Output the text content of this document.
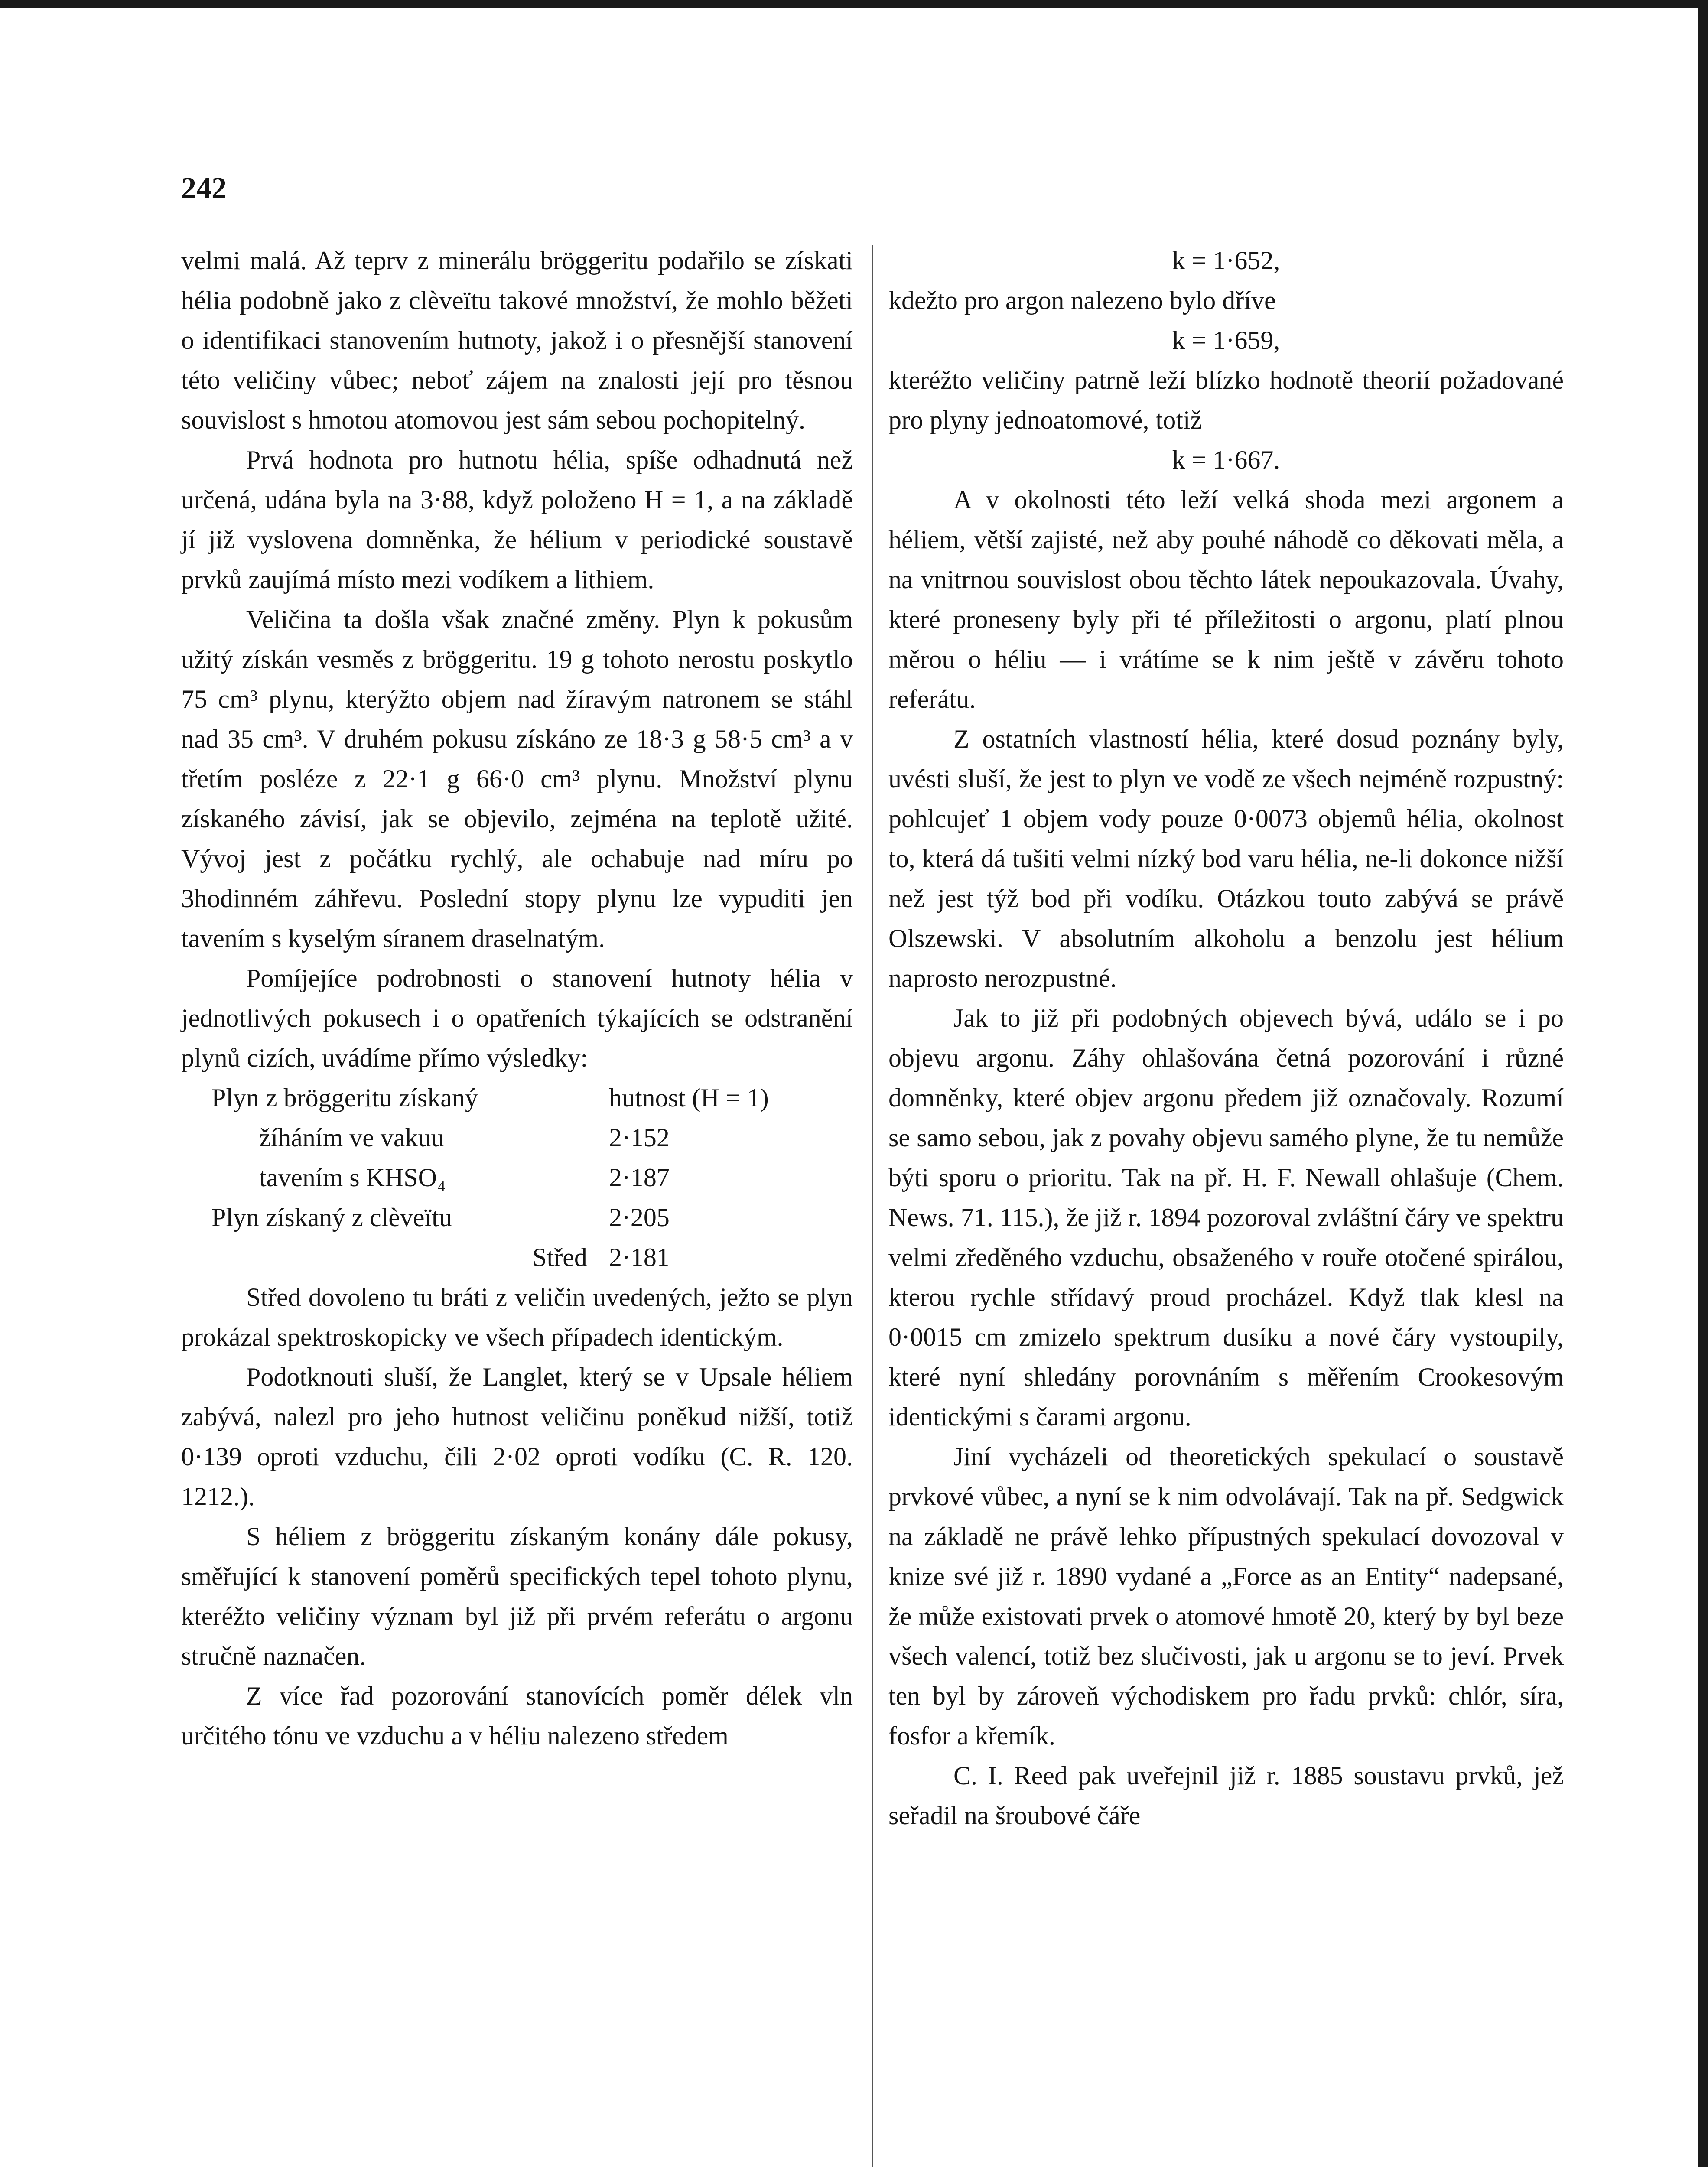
242

velmi malá. Až teprv z minerálu bröggeritu podařilo se získati hélia podobně jako z clèveïtu takové množství, že mohlo běžeti o identifikaci stanovením hutnoty, jakož i o přesnější stanovení této veličiny vůbec; neboť zájem na znalosti její pro těsnou souvislost s hmotou atomovou jest sám sebou pochopitelný.

Prvá hodnota pro hutnotu hélia, spíše odhadnutá než určená, udána byla na 3·88, když položeno H = 1, a na základě jí již vyslovena domněnka, že hélium v periodické soustavě prvků zaujímá místo mezi vodíkem a lithiem.

Veličina ta došla však značné změny. Plyn k pokusům užitý získán vesměs z bröggeritu. 19 g tohoto nerostu poskytlo 75 cm³ plynu, kterýžto objem nad žíravým natronem se stáhl nad 35 cm³. V druhém pokusu získáno ze 18·3 g 58·5 cm³ a v třetím posléze z 22·1 g 66·0 cm³ plynu. Množství plynu získaného závisí, jak se objevilo, zejména na teplotě užité. Vývoj jest z počátku rychlý, ale ochabuje nad míru po 3hodinném záhřevu. Poslední stopy plynu lze vypuditi jen tavením s kyselým síranem draselnatým.

Pomíjejíce podrobnosti o stanovení hutnoty hélia v jednotlivých pokusech i o opatřeních týkajících se odstranění plynů cizích, uvádíme přímo výsledky:

Plyn z bröggeritu získaný	hutnost (H = 1)
žíháním ve vakuu	2·152
tavením s KHSO₄	2·187
Plyn získaný z clèveïtu	2·205
Střed	2·181

Střed dovoleno tu bráti z veličin uvedených, ježto se plyn prokázal spektroskopicky ve všech případech identickým.

Podotknouti sluší, že Langlet, který se v Upsale héliem zabývá, nalezl pro jeho hutnost veličinu poněkud nižší, totiž 0·139 oproti vzduchu, čili 2·02 oproti vodíku (C. R. 120. 1212.).

S héliem z bröggeritu získaným konány dále pokusy, směřující k stanovení poměrů specifických tepel tohoto plynu, kteréžto veličiny význam byl již při prvém referátu o argonu stručně naznačen.

Z více řad pozorování stanovících poměr délek vln určitého tónu ve vzduchu a v héliu nalezeno středem

k = 1·652,

kdežto pro argon nalezeno bylo dříve

k = 1·659,

kteréžto veličiny patrně leží blízko hodnotě theorií požadované pro plyny jednoatomové, totiž

k = 1·667.

A v okolnosti této leží velká shoda mezi argonem a héliem, větší zajisté, než aby pouhé náhodě co děkovati měla, a na vnitrnou souvislost obou těchto látek nepoukazovala. Úvahy, které proneseny byly při té příležitosti o argonu, platí plnou měrou o héliu — i vrátíme se k nim ještě v závěru tohoto referátu.

Z ostatních vlastností hélia, které dosud poznány byly, uvésti sluší, že jest to plyn ve vodě ze všech nejméně rozpustný: pohlcujeť 1 objem vody pouze 0·0073 objemů hélia, okolnost to, která dá tušiti velmi nízký bod varu hélia, ne-li dokonce nižší než jest týž bod při vodíku. Otázkou touto zabývá se právě Olszewski. V absolutním alkoholu a benzolu jest hélium naprosto nerozpustné.

Jak to již při podobných objevech bývá, událo se i po objevu argonu. Záhy ohlašována četná pozorování i různé domněnky, které objev argonu předem již označovaly. Rozumí se samo sebou, jak z povahy objevu samého plyne, že tu nemůže býti sporu o prioritu. Tak na př. H. F. Newall ohlašuje (Chem. News. 71. 115.), že již r. 1894 pozoroval zvláštní čáry ve spektru velmi zředěného vzduchu, obsaženého v rouře otočené spirálou, kterou rychle střídavý proud procházel. Když tlak klesl na 0·0015 cm zmizelo spektrum dusíku a nové čáry vystoupily, které nyní shledány porovnáním s měřením Crookesovým identickými s čarami argonu.

Jiní vycházeli od theoretických spekulací o soustavě prvkové vůbec, a nyní se k nim odvolávají. Tak na př. Sedgwick na základě ne právě lehko přípustných spekulací dovozoval v knize své již r. 1890 vydané a „Force as an Entity“ nadepsané, že může existovati prvek o atomové hmotě 20, který by byl beze všech valencí, totiž bez slučivosti, jak u argonu se to jeví. Prvek ten byl by zároveň východiskem pro řadu prvků: chlór, síra, fosfor a křemík.

C. I. Reed pak uveřejnil již r. 1885 soustavu prvků, jež seřadil na šroubové čáře
